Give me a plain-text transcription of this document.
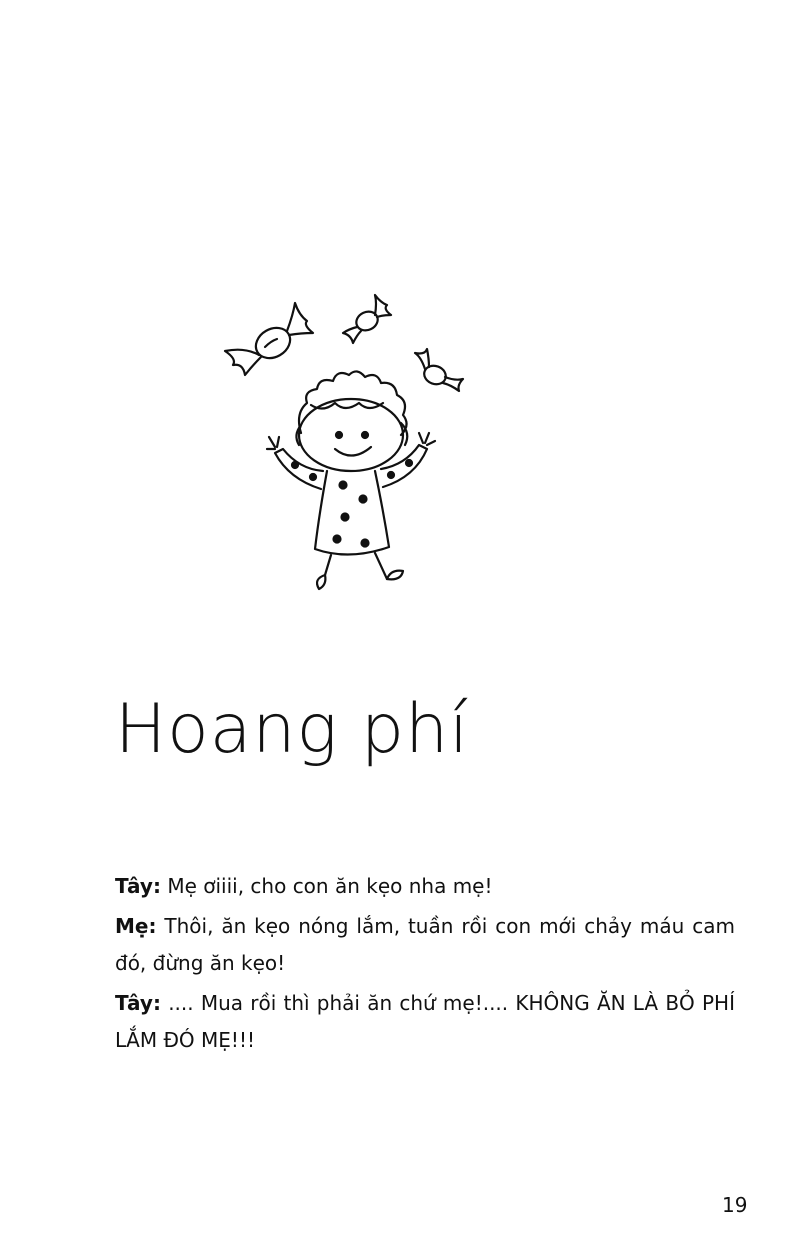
Hoang phí

Tây: Mẹ ơiiii, cho con ăn kẹo nha mẹ!

Mẹ: Thôi, ăn kẹo nóng lắm, tuần rồi con mới chảy máu cam đó, đừng ăn kẹo!

Tây: .... Mua rồi thì phải ăn chứ mẹ!.... KHÔNG ĂN LÀ BỎ PHÍ LẮM ĐÓ MẸ!!!

19
